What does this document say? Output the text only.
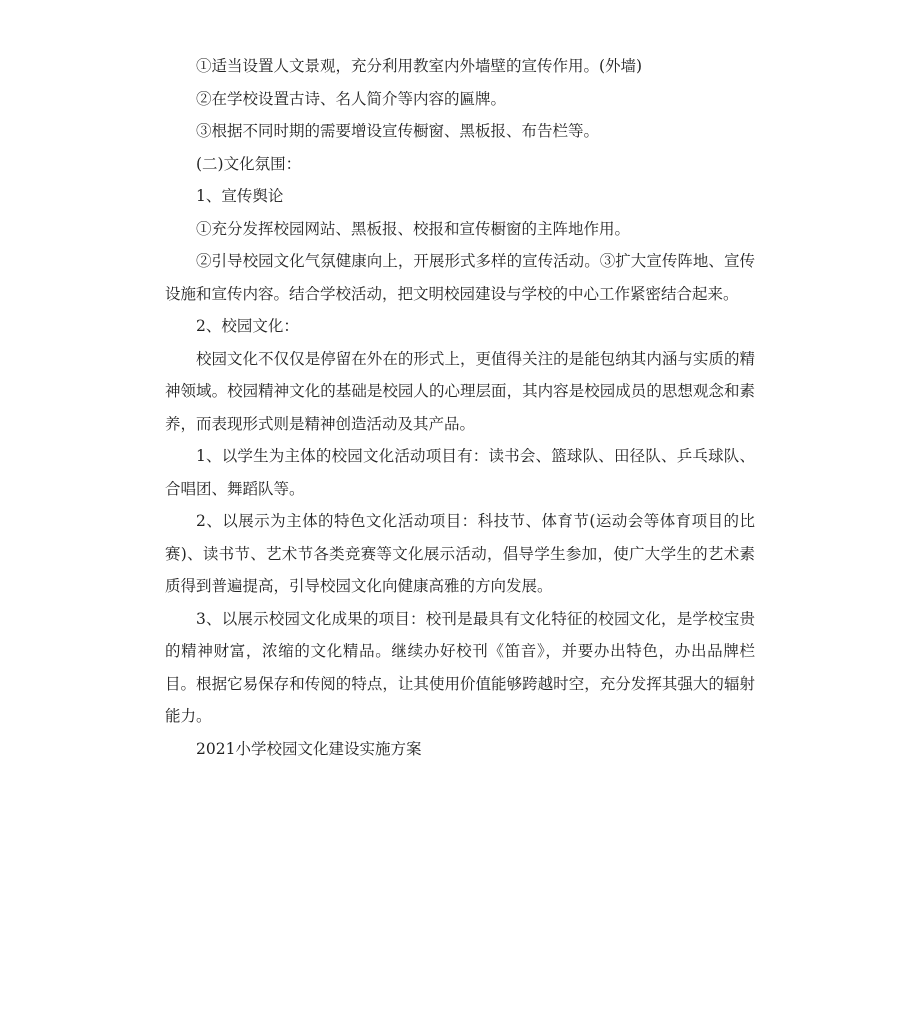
①适当设置人文景观，充分利用教室内外墙壁的宣传作用。(外墙)

②在学校设置古诗、名人简介等内容的匾牌。

③根据不同时期的需要增设宣传橱窗、黑板报、布告栏等。

(二)文化氛围：

1、宣传舆论

①充分发挥校园网站、黑板报、校报和宣传橱窗的主阵地作用。

②引导校园文化气氛健康向上，开展形式多样的宣传活动。③扩大宣传阵地、宣传设施和宣传内容。结合学校活动，把文明校园建设与学校的中心工作紧密结合起来。

2、校园文化：

校园文化不仅仅是停留在外在的形式上，更值得关注的是能包纳其内涵与实质的精神领域。校园精神文化的基础是校园人的心理层面，其内容是校园成员的思想观念和素养，而表现形式则是精神创造活动及其产品。

1、以学生为主体的校园文化活动项目有：读书会、篮球队、田径队、乒乓球队、合唱团、舞蹈队等。

2、以展示为主体的特色文化活动项目：科技节、体育节(运动会等体育项目的比赛)、读书节、艺术节各类竞赛等文化展示活动，倡导学生参加，使广大学生的艺术素质得到普遍提高，引导校园文化向健康高雅的方向发展。

3、以展示校园文化成果的项目：校刊是最具有文化特征的校园文化，是学校宝贵的精神财富，浓缩的文化精品。继续办好校刊《笛音》，并要办出特色，办出品牌栏目。根据它易保存和传阅的特点，让其使用价值能够跨越时空，充分发挥其强大的辐射能力。

2021小学校园文化建设实施方案
